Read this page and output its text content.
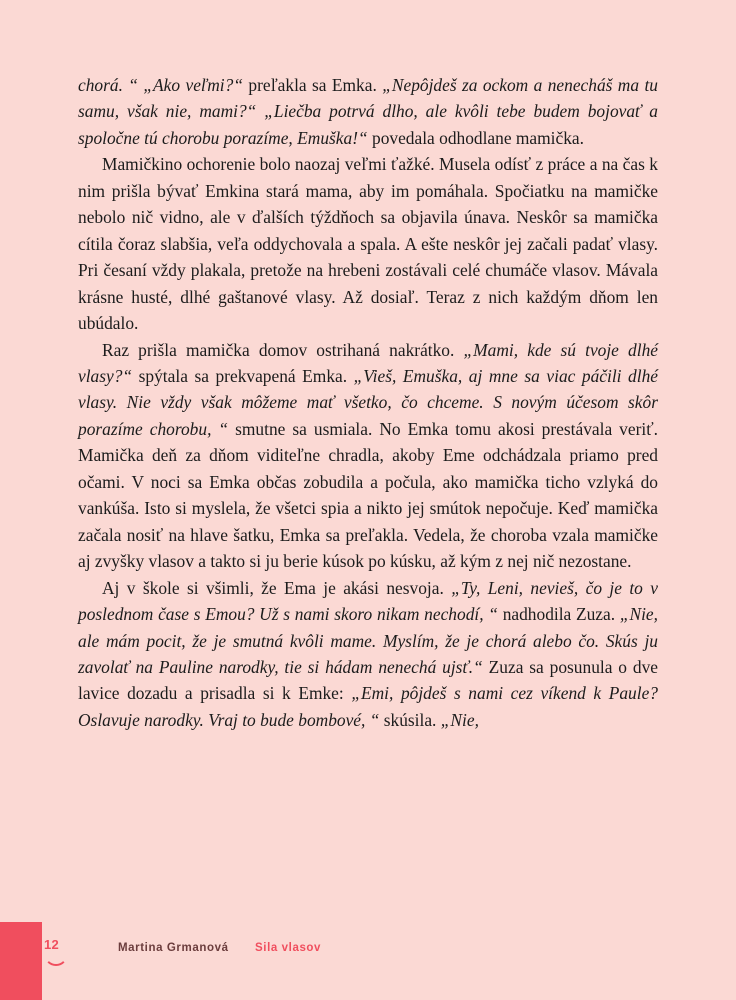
chorá. “ „Ako veľmi?“ preľakla sa Emka. „Nepôjdeš za ockom a nenecháš ma tu samu, však nie, mami?“ „Liečba potrvá dlho, ale kvôli tebe budem bojovať a spoločne tú chorobu porazíme, Emuška!“ povedala odhodlane mamička.

Mamičkino ochorenie bolo naozaj veľmi ťažké. Musela odísť z práce a na čas k nim prišla bývať Emkina stará mama, aby im pomáhala. Spočiatku na mamičke nebolo nič vidno, ale v ďalších týždňoch sa objavila únava. Neskôr sa mamička cítila čoraz slabšia, veľa oddychovala a spala. A ešte neskôr jej začali padať vlasy. Pri česaní vždy plakala, pretože na hrebeni zostávali celé chumáče vlasov. Mávala krásne husté, dlhé gaštanové vlasy. Až dosiaľ. Teraz z nich každým dňom len ubúdalo.

Raz prišla mamička domov ostrihaná nakrátko. „Mami, kde sú tvoje dlhé vlasy?“ spýtala sa prekvapená Emka. „Vieš, Emuška, aj mne sa viac páčili dlhé vlasy. Nie vždy však môžeme mať všetko, čo chceme. S novým účesom skôr porazíme chorobu, “ smutne sa usmiala. No Emka tomu akosi prestávala veriť. Mamička deň za dňom viditeľne chradla, akoby Eme odchádzala priamo pred očami. V noci sa Emka občas zobudila a počula, ako mamička ticho vzlyká do vankúša. Isto si myslela, že všetci spia a nikto jej smútok nepočuje. Keď mamička začala nosiť na hlave šatku, Emka sa preľakla. Vedela, že choroba vzala mamičke aj zvyšky vlasov a takto si ju berie kúsok po kúsku, až kým z nej nič nezostane.

Aj v škole si všimli, že Ema je akási nesvoja. „Ty, Leni, nevieš, čo je to v poslednom čase s Emou? Už s nami skoro nikam nechodí, “ nadhodila Zuza. „Nie, ale mám pocit, že je smutná kvôli mame. Myslím, že je chorá alebo čo. Skús ju zavolať na Pauline narodky, tie si hádam nenechá ujsť.“ Zuza sa posunula o dve lavice dozadu a prisadla si k Emke: „Emi, pôjdeš s nami cez víkend k Paule? Oslavuje narodky. Vraj to bude bombové, “ skúsila. „Nie,

12	Martina Grmanová Sila vlasov
